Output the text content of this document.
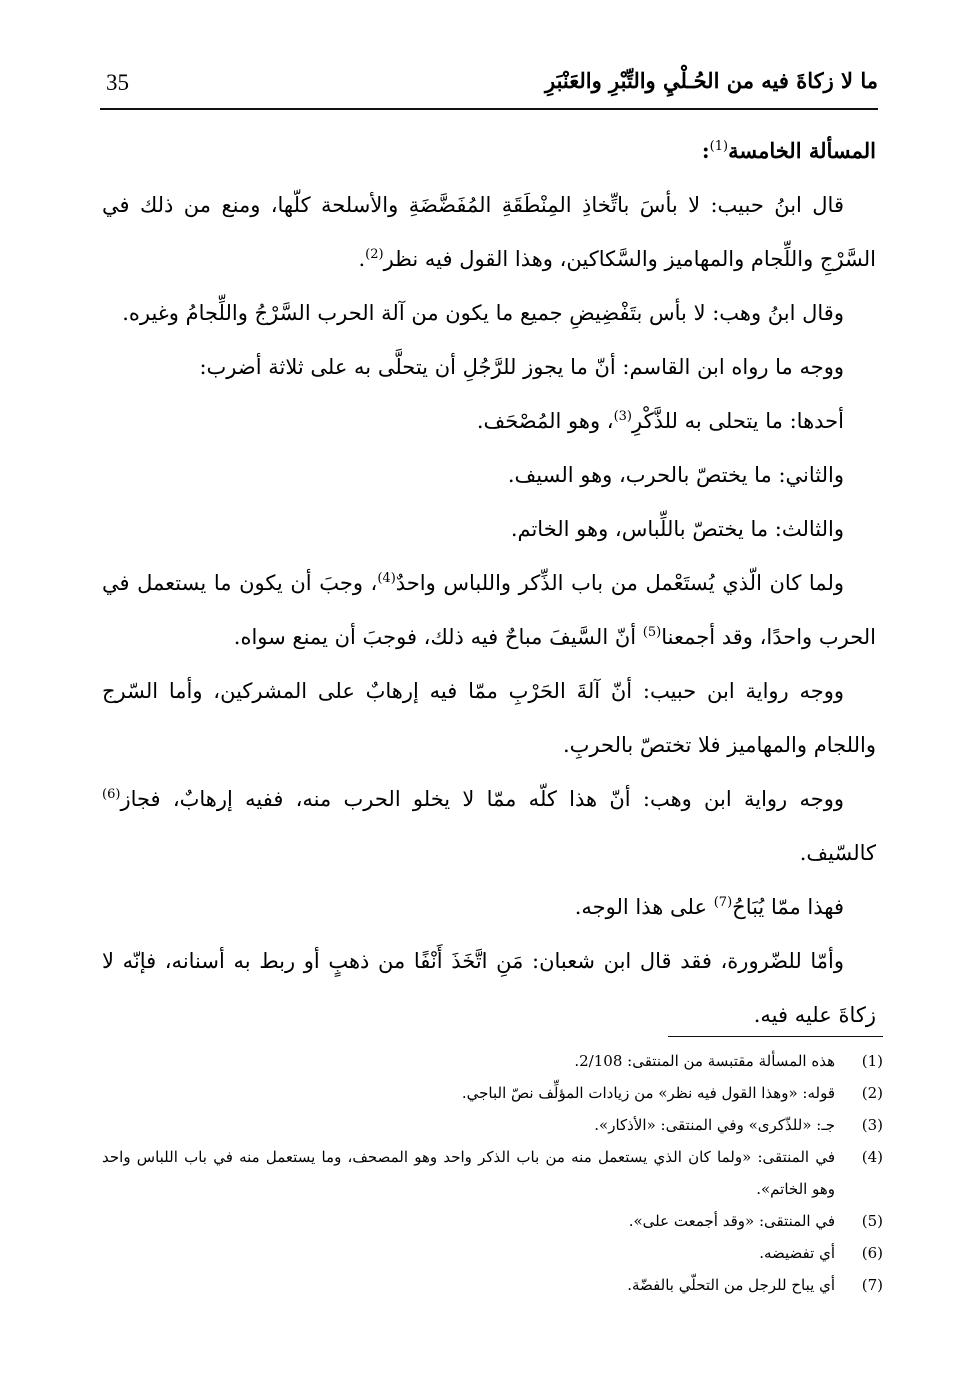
35	ما لا زكاةَ فيه من الحُـلْيِ والتِّبْرِ والعَنْبَرِ

المسألة الخامسة$^{(1)}$:

قال ابنُ حبيب: لا بأسَ باتِّخاذِ المِنْطَقَةِ المُفَضَّضَةِ والأسلحة كلّها، ومنع من ذلك في السَّرْجِ واللِّجام والمهاميز والسَّكاكين، وهذا القول فيه نظر$^{(2)}$.

وقال ابنُ وهب: لا بأس بتَفْضِيضِ جميع ما يكون من آلة الحرب السَّرْجُ واللِّجامُ وغيره.

ووجه ما رواه ابن القاسم: أنّ ما يجوز للرَّجُلِ أن يتحلَّى به على ثلاثة أضرب:

أحدها: ما يتحلى به للذَّكْرِ$^{(3)}$، وهو المُصْحَف.

والثاني: ما يختصّ بالحرب، وهو السيف.

والثالث: ما يختصّ باللِّباس، وهو الخاتم.

ولما كان الّذي يُستَعْمل من باب الذِّكر واللباس واحدٌ$^{(4)}$، وجبَ أن يكون ما يستعمل في الحرب واحدًا، وقد أجمعنا$^{(5)}$ أنّ السَّيفَ مباحٌ فيه ذلك، فوجبَ أن يمنع سواه.

ووجه رواية ابن حبيب: أنّ آلةَ الحَرْبِ ممّا فيه إرهابٌ على المشركين، وأما السّرج واللجام والمهاميز فلا تختصّ بالحربِ.

ووجه رواية ابن وهب: أنّ هذا كلّه ممّا لا يخلو الحرب منه، ففيه إرهابٌ، فجاز$^{(6)}$ كالسّيف.

فهذا ممّا يُبَاحُ$^{(7)}$ على هذا الوجه.

وأمّا للضّرورة، فقد قال ابن شعبان: مَنِ اتَّخَذَ أَنْفًا من ذهبٍ أو ربط به أسنانه، فإنّه لا زكاةَ عليه فيه.

(1)
هذه المسألة مقتبسة من المنتقى: 2/108.
(2)
قوله: «وهذا القول فيه نظر» من زيادات المؤلِّف نصّ الباجي.
(3)
جـ: «للذّكرى» وفي المنتقى: «الأذكار».
(4)
في المنتقى: «ولما كان الذي يستعمل منه من باب الذكر واحد وهو المصحف، وما يستعمل منه في باب اللباس واحد وهو الخاتم».
(5)
في المنتقى: «وقد أجمعت على».
(6)
أي تفضيضه.
(7)
أي يباح للرجل من التحلّي بالفضّة.
